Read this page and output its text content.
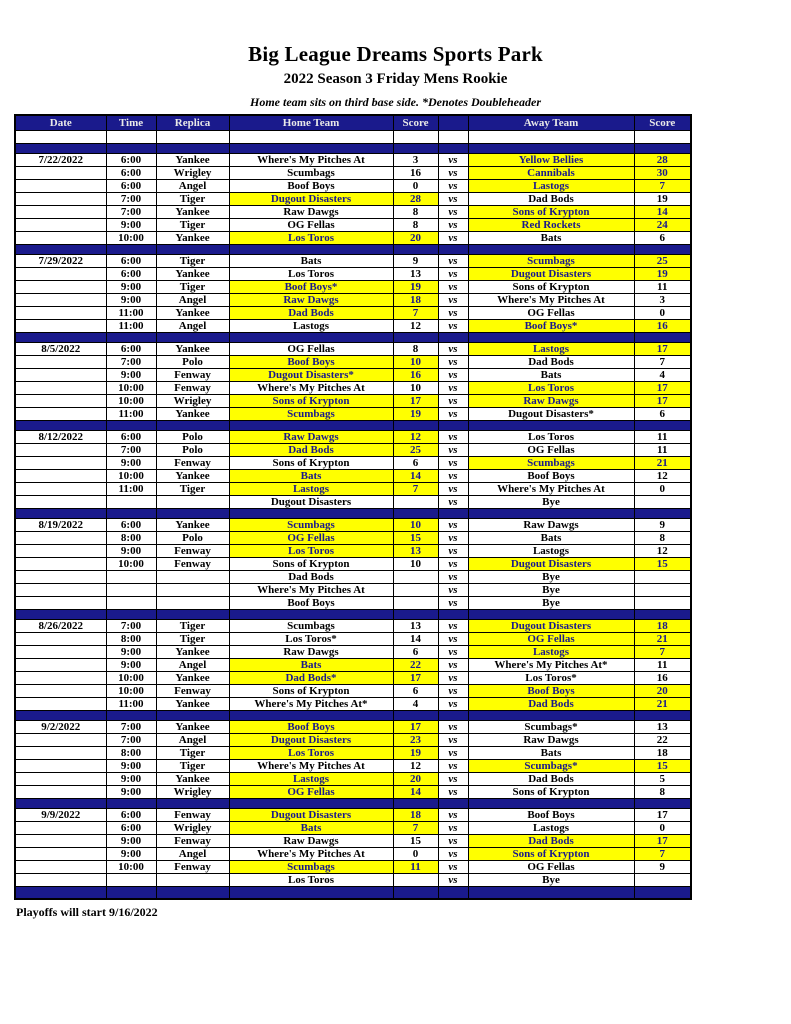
Big League Dreams Sports Park
2022 Season 3 Friday Mens Rookie
Home team sits on third base side. *Denotes Doubleheader
Date	Time	Replica	Home Team	Score		Away Team	Score

7/22/2022	6:00	Yankee	Where's My Pitches At	3	vs	Yellow Bellies	28
	6:00	Wrigley	Scumbags	16	vs	Cannibals	30
	6:00	Angel	Boof Boys	0	vs	Lastogs	7
	7:00	Tiger	Dugout Disasters	28	vs	Dad Bods	19
	7:00	Yankee	Raw Dawgs	8	vs	Sons of Krypton	14
	9:00	Tiger	OG Fellas	8	vs	Red Rockets	24
	10:00	Yankee	Los Toros	20	vs	Bats	6

7/29/2022	6:00	Tiger	Bats	9	vs	Scumbags	25
	6:00	Yankee	Los Toros	13	vs	Dugout Disasters	19
	9:00	Tiger	Boof Boys*	19	vs	Sons of Krypton	11
	9:00	Angel	Raw Dawgs	18	vs	Where's My Pitches At	3
	11:00	Yankee	Dad Bods	7	vs	OG Fellas	0
	11:00	Angel	Lastogs	12	vs	Boof Boys*	16

8/5/2022	6:00	Yankee	OG Fellas	8	vs	Lastogs	17
	7:00	Polo	Boof Boys	10	vs	Dad Bods	7
	9:00	Fenway	Dugout Disasters*	16	vs	Bats	4
	10:00	Fenway	Where's My Pitches At	10	vs	Los Toros	17
	10:00	Wrigley	Sons of Krypton	17	vs	Raw Dawgs	17
	11:00	Yankee	Scumbags	19	vs	Dugout Disasters*	6

8/12/2022	6:00	Polo	Raw Dawgs	12	vs	Los Toros	11
	7:00	Polo	Dad Bods	25	vs	OG Fellas	11
	9:00	Fenway	Sons of Krypton	6	vs	Scumbags	21
	10:00	Yankee	Bats	14	vs	Boof Boys	12
	11:00	Tiger	Lastogs	7	vs	Where's My Pitches At	0
			Dugout Disasters		vs	Bye	

8/19/2022	6:00	Yankee	Scumbags	10	vs	Raw Dawgs	9
	8:00	Polo	OG Fellas	15	vs	Bats	8
	9:00	Fenway	Los Toros	13	vs	Lastogs	12
	10:00	Fenway	Sons of Krypton	10	vs	Dugout Disasters	15
			Dad Bods		vs	Bye	
			Where's My Pitches At		vs	Bye	
			Boof Boys		vs	Bye	

8/26/2022	7:00	Tiger	Scumbags	13	vs	Dugout Disasters	18
	8:00	Tiger	Los Toros*	14	vs	OG Fellas	21
	9:00	Yankee	Raw Dawgs	6	vs	Lastogs	7
	9:00	Angel	Bats	22	vs	Where's My Pitches At*	11
	10:00	Yankee	Dad Bods*	17	vs	Los Toros*	16
	10:00	Fenway	Sons of Krypton	6	vs	Boof Boys	20
	11:00	Yankee	Where's My Pitches At*	4	vs	Dad Bods	21

9/2/2022	7:00	Yankee	Boof Boys	17	vs	Scumbags*	13
	7:00	Angel	Dugout Disasters	23	vs	Raw Dawgs	22
	8:00	Tiger	Los Toros	19	vs	Bats	18
	9:00	Tiger	Where's My Pitches At	12	vs	Scumbags*	15
	9:00	Yankee	Lastogs	20	vs	Dad Bods	5
	9:00	Wrigley	OG Fellas	14	vs	Sons of Krypton	8

9/9/2022	6:00	Fenway	Dugout Disasters	18	vs	Boof Boys	17
	6:00	Wrigley	Bats	7	vs	Lastogs	0
	9:00	Fenway	Raw Dawgs	15	vs	Dad Bods	17
	9:00	Angel	Where's My Pitches At	0	vs	Sons of Krypton	7
	10:00	Fenway	Scumbags	11	vs	OG Fellas	9
			Los Toros		vs	Bye	

Playoffs will start 9/16/2022
